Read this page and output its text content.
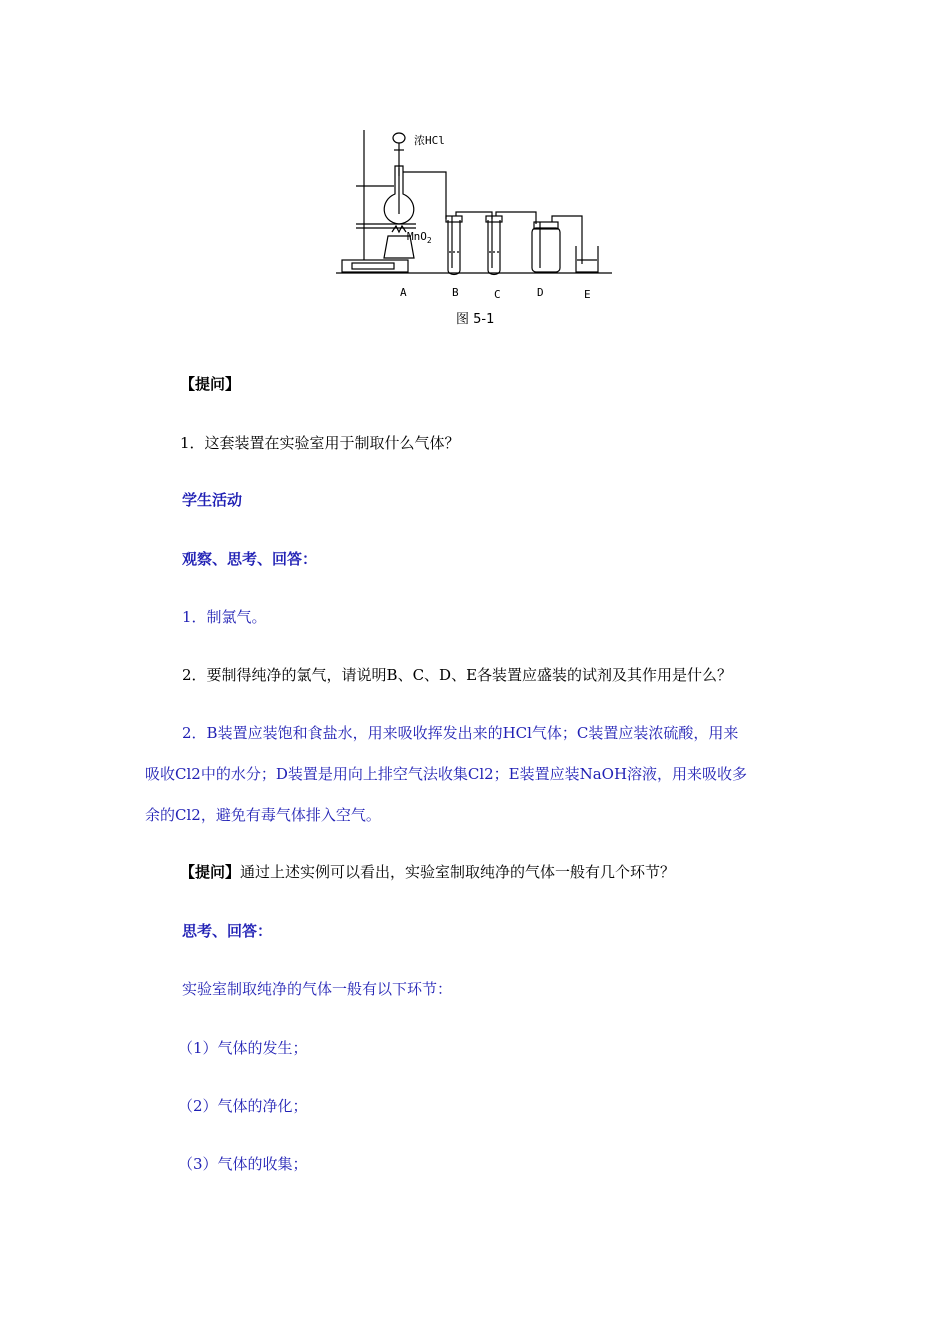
浓HCl
MnO$_2$
A	B	C	D	E
图 5-1
【提问】
1．这套装置在实验室用于制取什么气体？
学生活动
观察、思考、回答：
1．制氯气。
2．要制得纯净的氯气，请说明B、C、D、E各装置应盛装的试剂及其作用是什么？
2．B装置应装饱和食盐水，用来吸收挥发出来的HCl气体；C装置应装浓硫酸，用来
吸收Cl2中的水分；D装置是用向上排空气法收集Cl2；E装置应装NaOH溶液，用来吸收多
余的Cl2，避免有毒气体排入空气。
【提问】通过上述实例可以看出，实验室制取纯净的气体一般有几个环节？
思考、回答：
实验室制取纯净的气体一般有以下环节：
（1）气体的发生；
（2）气体的净化；
（3）气体的收集；
